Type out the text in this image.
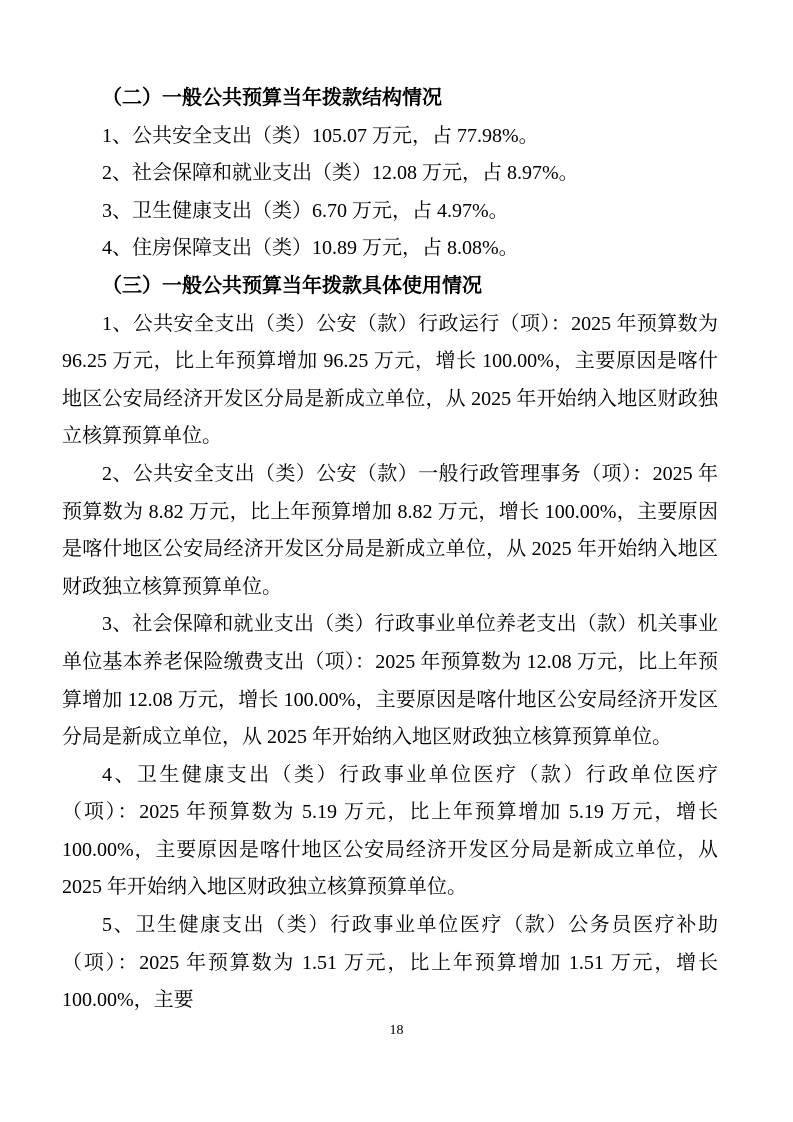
（二）一般公共预算当年拨款结构情况

1、公共安全支出（类）105.07 万元，占 77.98%。

2、社会保障和就业支出（类）12.08 万元，占 8.97%。

3、卫生健康支出（类）6.70 万元，占 4.97%。

4、住房保障支出（类）10.89 万元，占 8.08%。

（三）一般公共预算当年拨款具体使用情况

1、公共安全支出（类）公安（款）行政运行（项）：2025 年预算数为 96.25 万元，比上年预算增加 96.25 万元，增长 100.00%，主要原因是喀什地区公安局经济开发区分局是新成立单位，从 2025 年开始纳入地区财政独立核算预算单位。

2、公共安全支出（类）公安（款）一般行政管理事务（项）：2025 年预算数为 8.82 万元，比上年预算增加 8.82 万元，增长 100.00%，主要原因是喀什地区公安局经济开发区分局是新成立单位，从 2025 年开始纳入地区财政独立核算预算单位。

3、社会保障和就业支出（类）行政事业单位养老支出（款）机关事业单位基本养老保险缴费支出（项）：2025 年预算数为 12.08 万元，比上年预算增加 12.08 万元，增长 100.00%，主要原因是喀什地区公安局经济开发区分局是新成立单位，从 2025 年开始纳入地区财政独立核算预算单位。

4、卫生健康支出（类）行政事业单位医疗（款）行政单位医疗（项）：2025 年预算数为 5.19 万元，比上年预算增加 5.19 万元，增长 100.00%，主要原因是喀什地区公安局经济开发区分局是新成立单位，从 2025 年开始纳入地区财政独立核算预算单位。

5、卫生健康支出（类）行政事业单位医疗（款）公务员医疗补助（项）：2025 年预算数为 1.51 万元，比上年预算增加 1.51 万元，增长 100.00%，主要

18
